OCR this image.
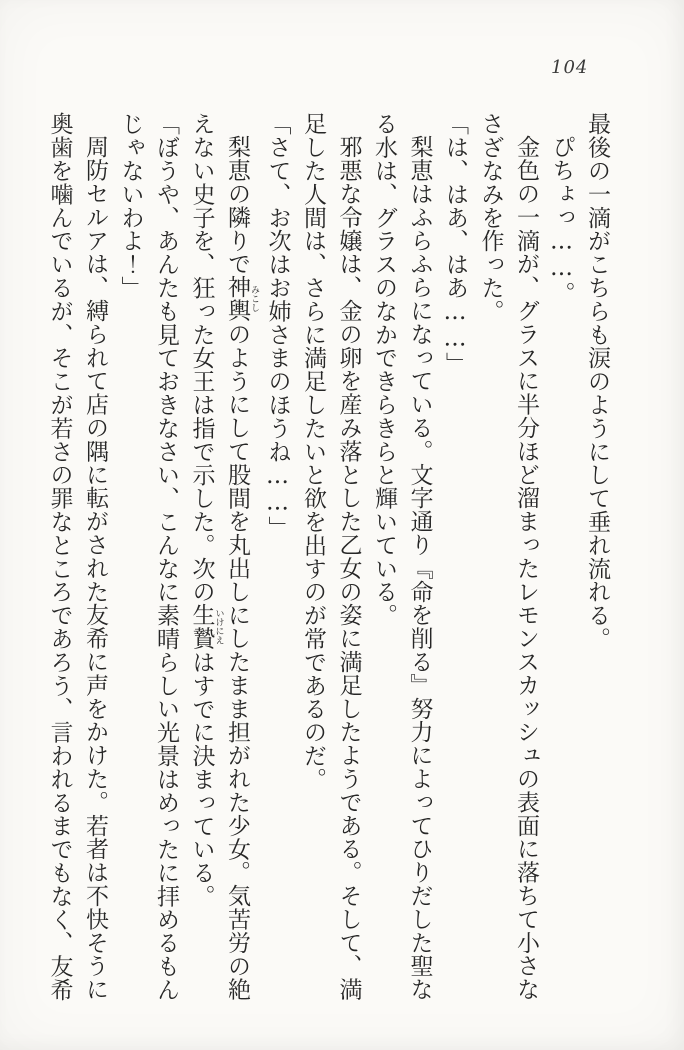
104

最後の一滴がこちらも涙のようにして垂れ流れる。

ぴちょっ……。

金色の一滴が、グラスに半分ほど溜まったレモンスカッシュの表面に落ちて小さなさざなみを作った。

「は、はあ、はあ……」

梨恵はふらふらになっている。文字通り『命を削る』努力によってひりだした聖なる水は、グラスのなかできらきらと輝いている。

邪悪な令嬢は、金の卵を産み落とした乙女の姿に満足したようである。そして、満足した人間は、さらに満足したいと欲を出すのが常であるのだ。

「さて、お次はお姉さまのほうね……」

梨恵の隣りで神輿 みこしのようにして股間を丸出しにしたまま担がれた少女。気苦労の絶えない史子を、狂った女王は指で示した。次の生贄 いけにえはすでに決まっている。

「ぼうや、あんたも見ておきなさい、こんなに素晴らしい光景はめったに拝めるもんじゃないわよ！」

周防セルアは、縛られて店の隅に転がされた友希に声をかけた。若者は不快そうに奥歯を噛んでいるが、そこが若さの罪なところであろう、言われるまでもなく、友希
